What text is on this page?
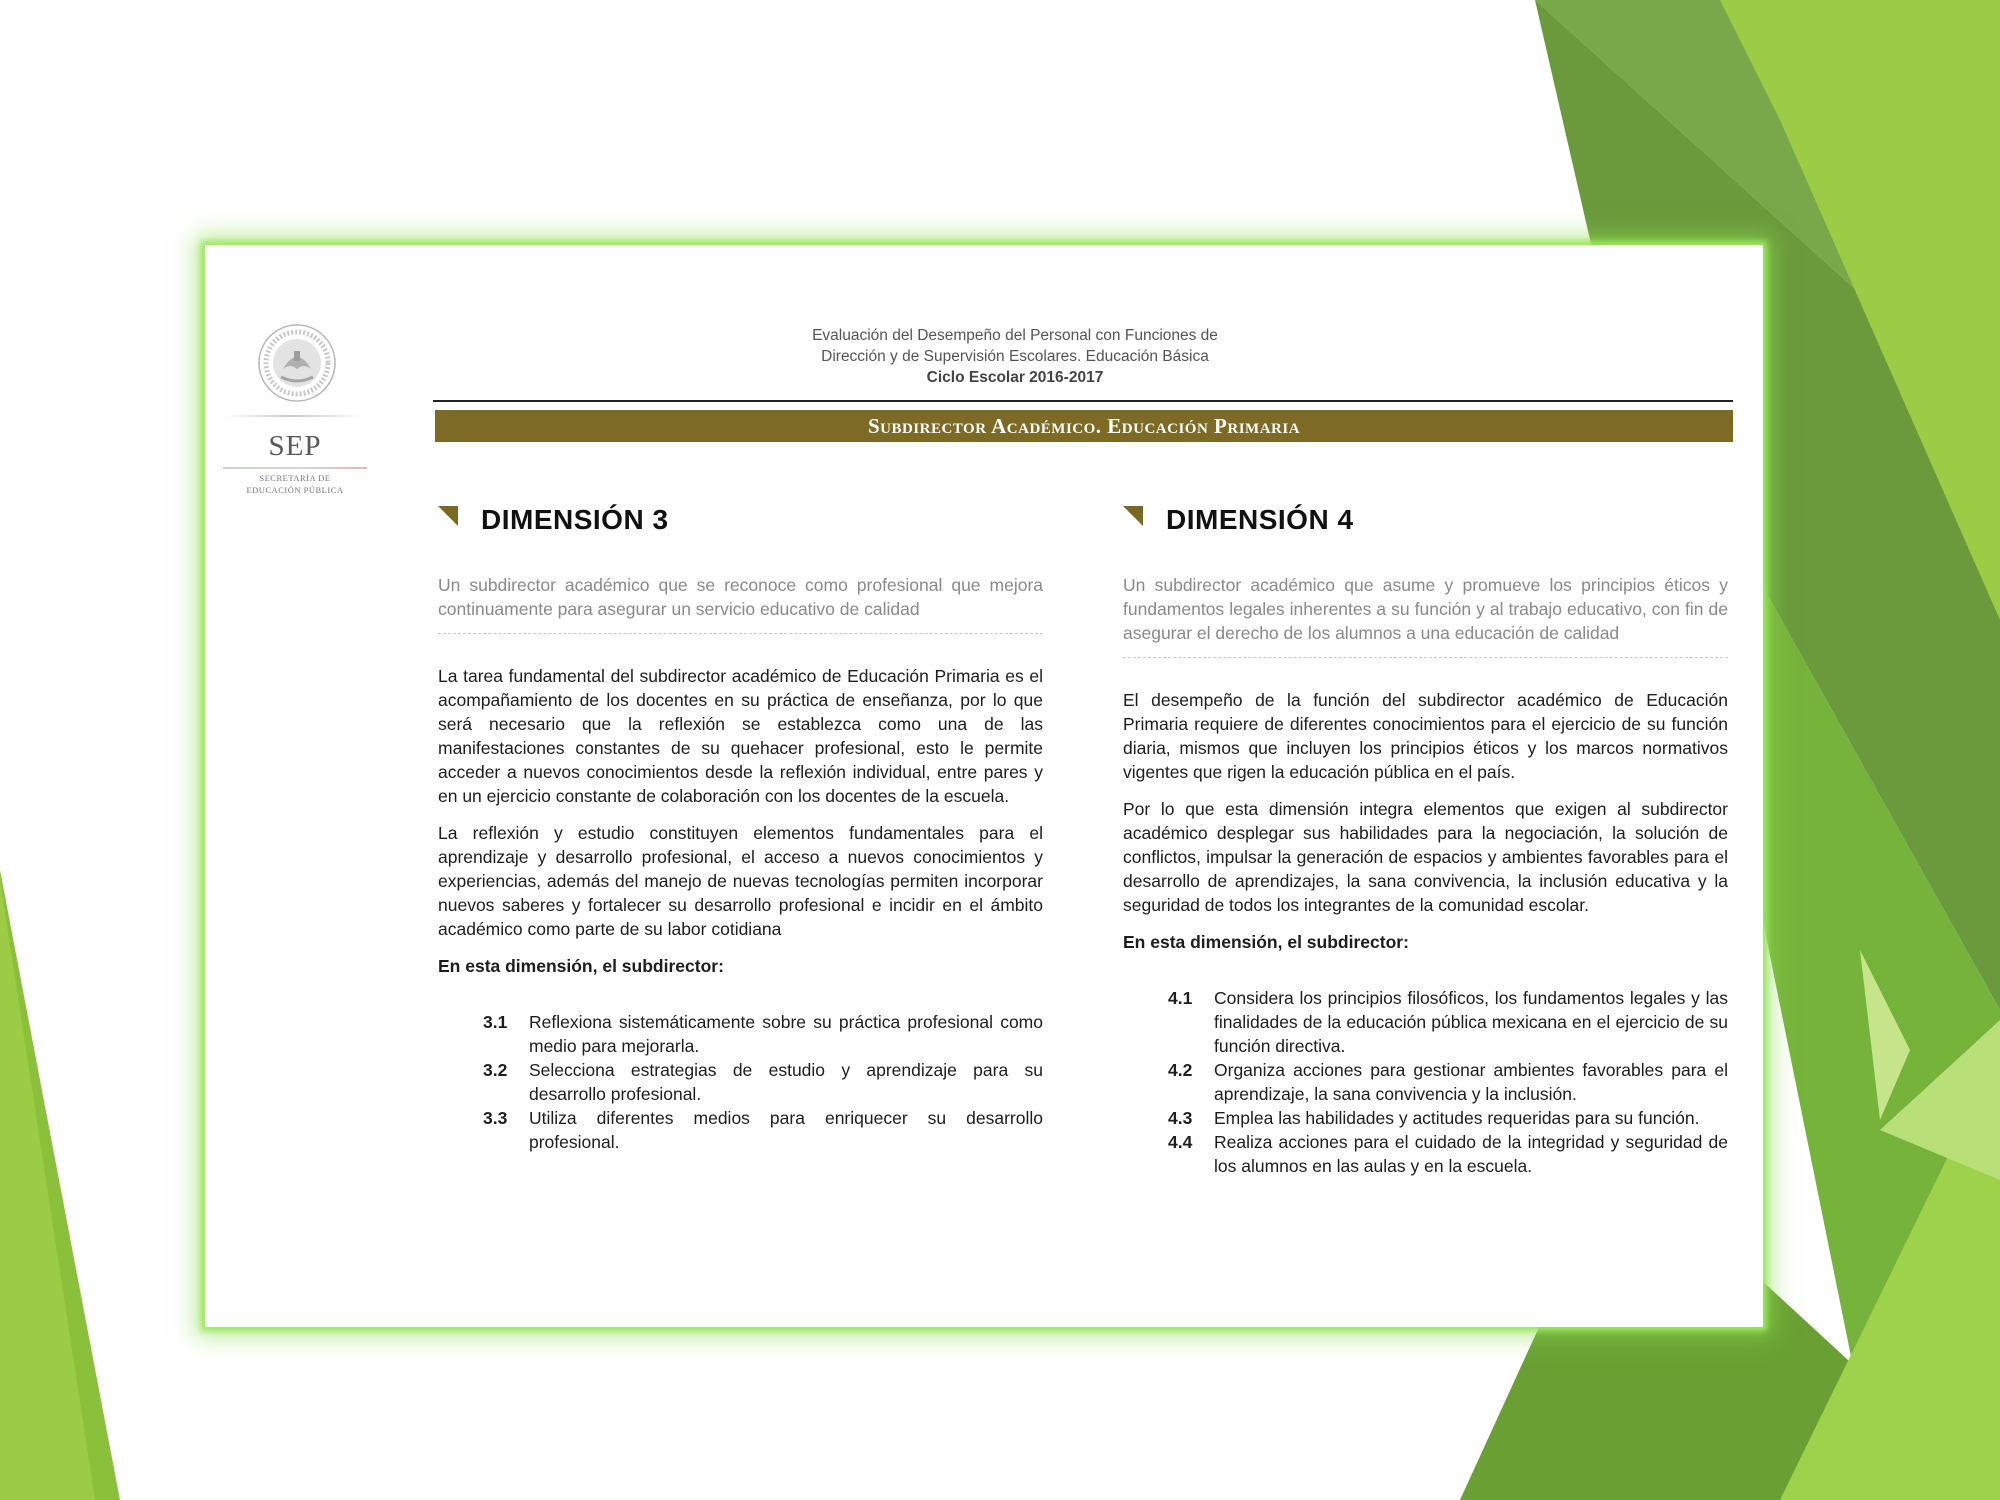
SEP
SECRETARÍA DE
EDUCACIÓN PÚBLICA
Evaluación del Desempeño del Personal con Funciones de
Dirección y de Supervisión Escolares. Educación Básica
Ciclo Escolar 2016-2017
Subdirector Académico. Educación Primaria
DIMENSIÓN 3
Un subdirector académico que se reconoce como profesional que mejora continuamente para asegurar un servicio educativo de calidad

La tarea fundamental del subdirector académico de Educación Primaria es el acompañamiento de los docentes en su práctica de enseñanza, por lo que será necesario que la reflexión se establezca como una de las manifestaciones constantes de su quehacer profesional, esto le permite acceder a nuevos conocimientos desde la reflexión individual, entre pares y en un ejercicio constante de colaboración con los docentes de la escuela.

La reflexión y estudio constituyen elementos fundamentales para el aprendizaje y desarrollo profesional, el acceso a nuevos conocimientos y experiencias, además del manejo de nuevas tecnologías permiten incorporar nuevos saberes y fortalecer su desarrollo profesional e incidir en el ámbito académico como parte de su labor cotidiana

En esta dimensión, el subdirector:
3.1	Reflexiona sistemáticamente sobre su práctica profesional como medio para mejorarla.
3.2	Selecciona estrategias de estudio y aprendizaje para su desarrollo profesional.
3.3	Utiliza diferentes medios para enriquecer su desarrollo profesional.
DIMENSIÓN 4
Un subdirector académico que asume y promueve los principios éticos y fundamentos legales inherentes a su función y al trabajo educativo, con fin de asegurar el derecho de los alumnos a una educación de calidad

El desempeño de la función del subdirector académico de Educación Primaria requiere de diferentes conocimientos para el ejercicio de su función diaria, mismos que incluyen los principios éticos y los marcos normativos vigentes que rigen la educación pública en el país.

Por lo que esta dimensión integra elementos que exigen al subdirector académico desplegar sus habilidades para la negociación, la solución de conflictos, impulsar la generación de espacios y ambientes favorables para el desarrollo de aprendizajes, la sana convivencia, la inclusión educativa y la seguridad de todos los integrantes de la comunidad escolar.

En esta dimensión, el subdirector:
4.1	Considera los principios filosóficos, los fundamentos legales y las finalidades de la educación pública mexicana en el ejercicio de su función directiva.
4.2	Organiza acciones para gestionar ambientes favorables para el aprendizaje, la sana convivencia y la inclusión.
4.3	Emplea las habilidades y actitudes requeridas para su función.
4.4	Realiza acciones para el cuidado de la integridad y seguridad de los alumnos en las aulas y en la escuela.
